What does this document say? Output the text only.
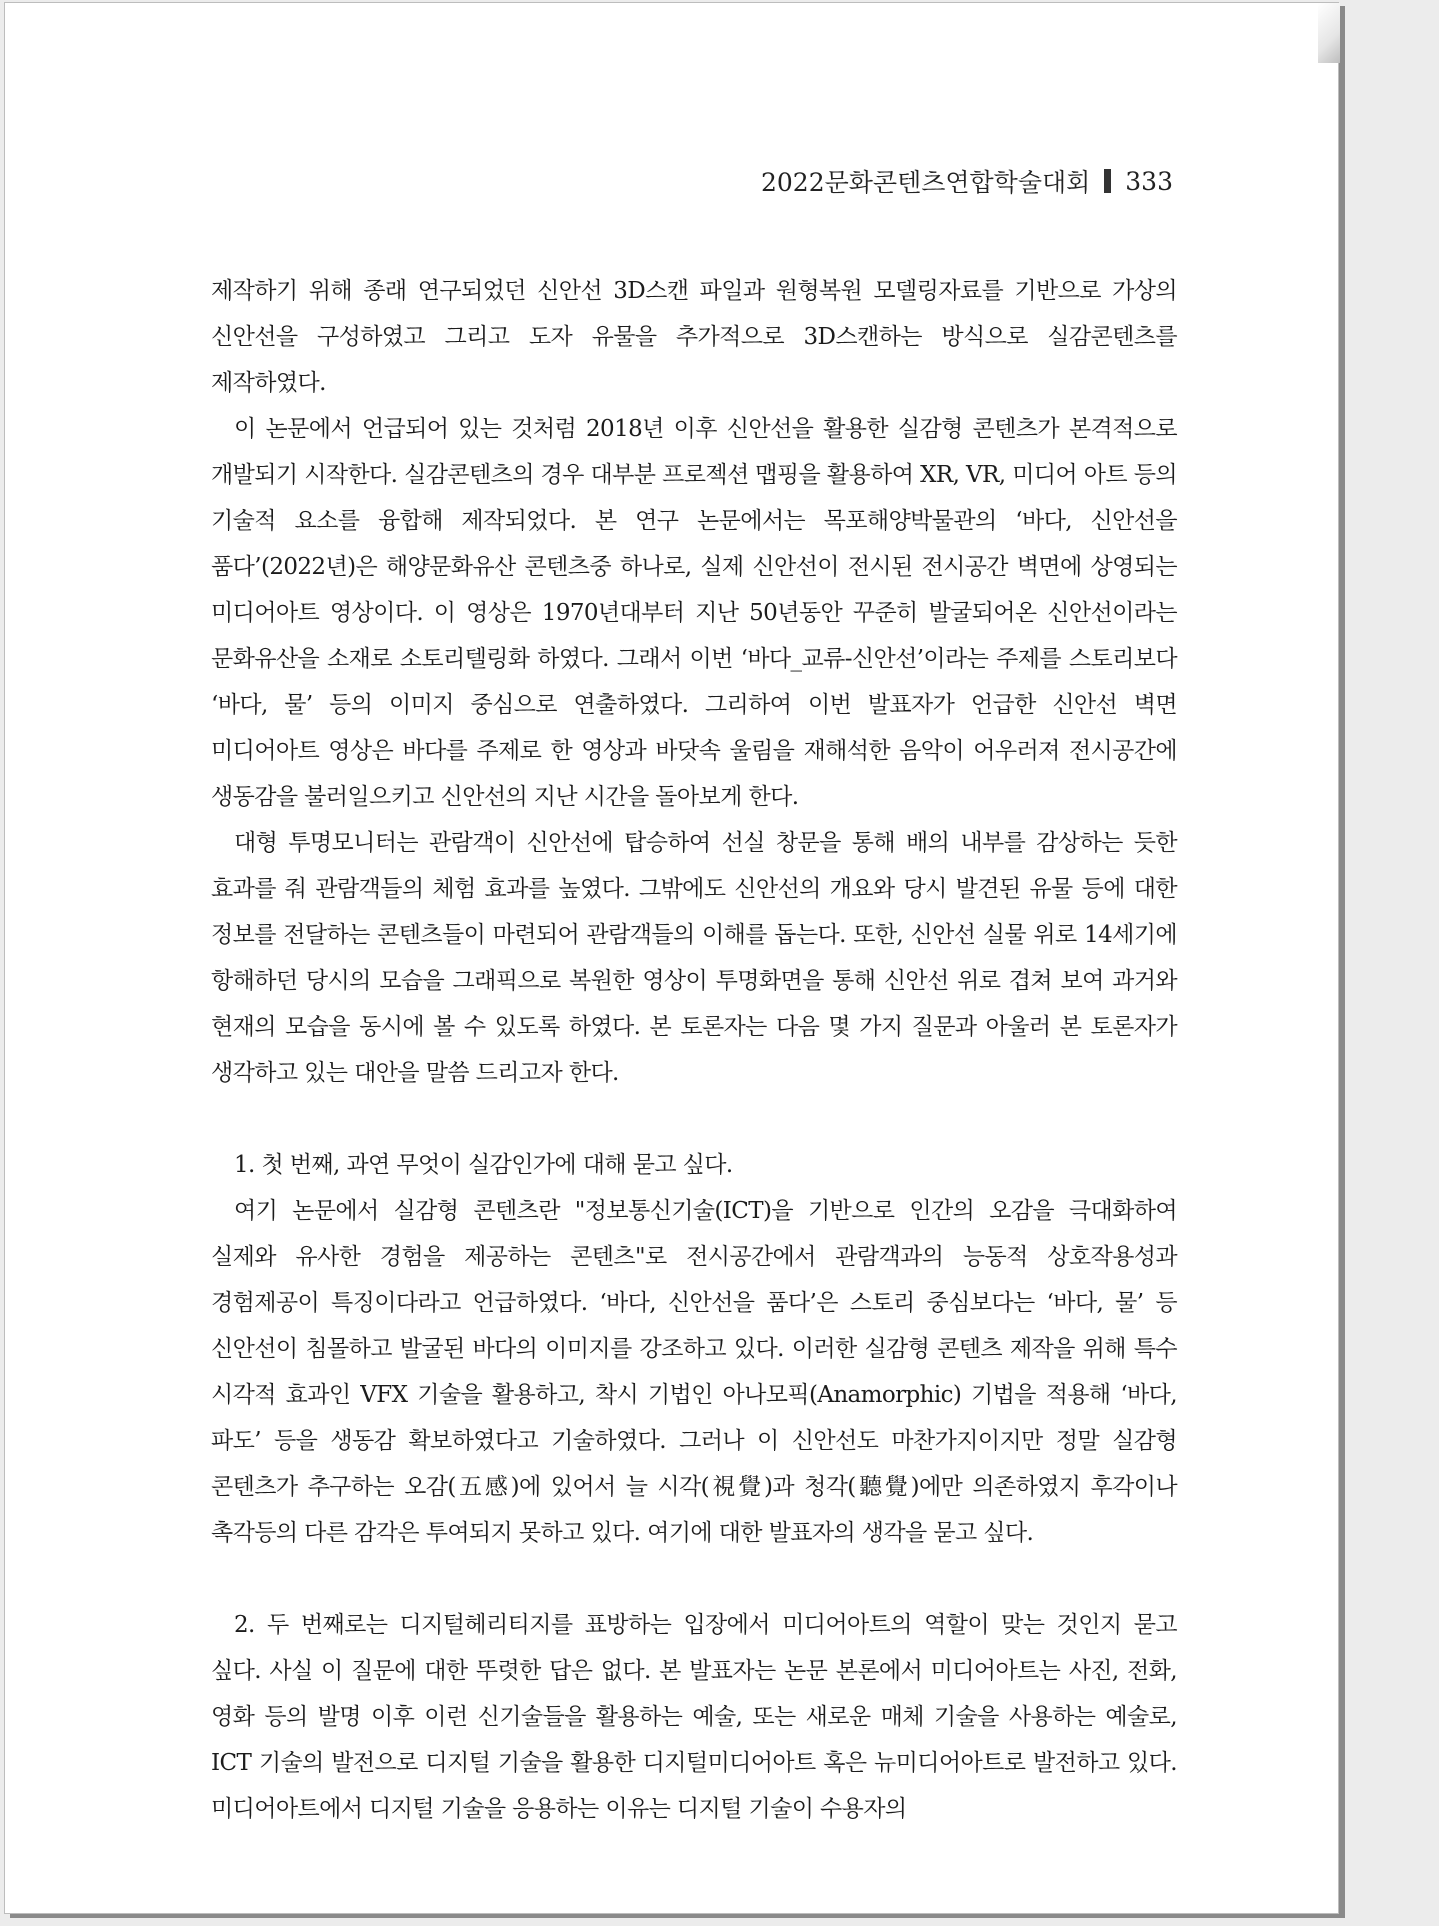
2022문화콘텐츠연합학술대회 333

제작하기 위해 종래 연구되었던 신안선 3D스캔 파일과 원형복원 모델링자료를 기반으로 가상의 신안선을 구성하였고 그리고 도자 유물을 추가적으로 3D스캔하는 방식으로 실감콘텐츠를 제작하였다.

이 논문에서 언급되어 있는 것처럼 2018년 이후 신안선을 활용한 실감형 콘텐츠가 본격적으로 개발되기 시작한다. 실감콘텐츠의 경우 대부분 프로젝션 맵핑을 활용하여 XR, VR, 미디어 아트 등의 기술적 요소를 융합해 제작되었다. 본 연구 논문에서는 목포해양박물관의 ‘바다, 신안선을 품다’(2022년)은 해양문화유산 콘텐츠중 하나로, 실제 신안선이 전시된 전시공간 벽면에 상영되는 미디어아트 영상이다. 이 영상은 1970년대부터 지난 50년동안 꾸준히 발굴되어온 신안선이라는 문화유산을 소재로 소토리텔링화 하였다. 그래서 이번 ‘바다_교류-신안선’이라는 주제를 스토리보다 ‘바다, 물’ 등의 이미지 중심으로 연출하였다. 그리하여 이번 발표자가 언급한 신안선 벽면 미디어아트 영상은 바다를 주제로 한 영상과 바닷속 울림을 재해석한 음악이 어우러져 전시공간에 생동감을 불러일으키고 신안선의 지난 시간을 돌아보게 한다.

대형 투명모니터는 관람객이 신안선에 탑승하여 선실 창문을 통해 배의 내부를 감상하는 듯한 효과를 줘 관람객들의 체험 효과를 높였다. 그밖에도 신안선의 개요와 당시 발견된 유물 등에 대한 정보를 전달하는 콘텐츠들이 마련되어 관람객들의 이해를 돕는다. 또한, 신안선 실물 위로 14세기에 항해하던 당시의 모습을 그래픽으로 복원한 영상이 투명화면을 통해 신안선 위로 겹쳐 보여 과거와 현재의 모습을 동시에 볼 수 있도록 하였다. 본 토론자는 다음 몇 가지 질문과 아울러 본 토론자가 생각하고 있는 대안을 말씀 드리고자 한다.

1. 첫 번째, 과연 무엇이 실감인가에 대해 묻고 싶다.

여기 논문에서 실감형 콘텐츠란 "정보통신기술(ICT)을 기반으로 인간의 오감을 극대화하여 실제와 유사한 경험을 제공하는 콘텐츠"로 전시공간에서 관람객과의 능동적 상호작용성과 경험제공이 특징이다라고 언급하였다. ‘바다, 신안선을 품다’은 스토리 중심보다는 ‘바다, 물’ 등 신안선이 침몰하고 발굴된 바다의 이미지를 강조하고 있다. 이러한 실감형 콘텐츠 제작을 위해 특수 시각적 효과인 VFX 기술을 활용하고, 착시 기법인 아나모픽(Anamorphic) 기법을 적용해 ‘바다, 파도’ 등을 생동감 확보하였다고 기술하였다. 그러나 이 신안선도 마찬가지이지만 정말 실감형 콘텐츠가 추구하는 오감(五感)에 있어서 늘 시각(視覺)과 청각(聽覺)에만 의존하였지 후각이나 촉각등의 다른 감각은 투여되지 못하고 있다. 여기에 대한 발표자의 생각을 묻고 싶다.

2. 두 번째로는 디지털헤리티지를 표방하는 입장에서 미디어아트의 역할이 맞는 것인지 묻고 싶다. 사실 이 질문에 대한 뚜렷한 답은 없다. 본 발표자는 논문 본론에서 미디어아트는 사진, 전화, 영화 등의 발명 이후 이런 신기술들을 활용하는 예술, 또는 새로운 매체 기술을 사용하는 예술로, ICT 기술의 발전으로 디지털 기술을 활용한 디지털미디어아트 혹은 뉴미디어아트로 발전하고 있다. 미디어아트에서 디지털 기술을 응용하는 이유는 디지털 기술이 수용자의
